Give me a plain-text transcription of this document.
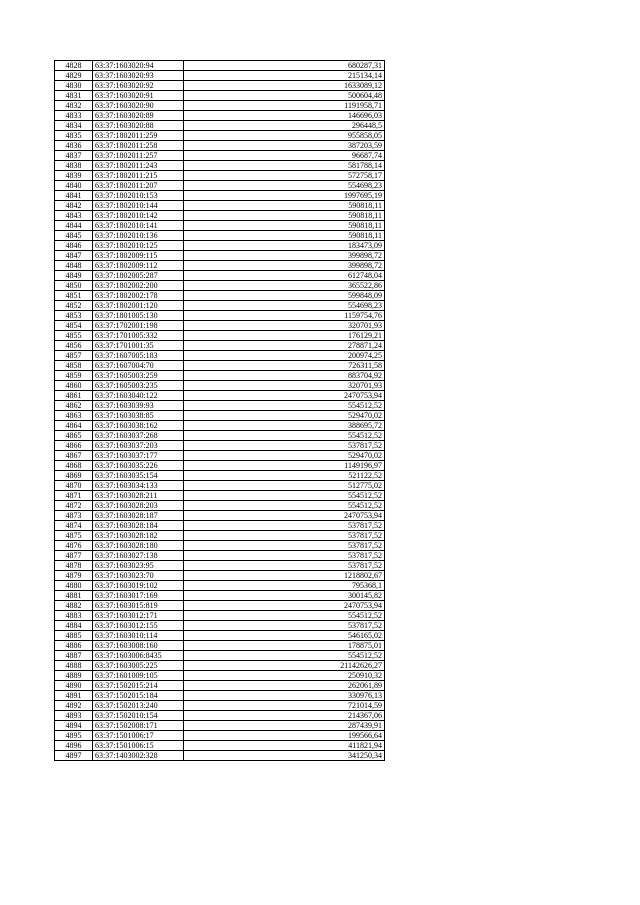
4828	63:37:1603020:94	680287,31
4829	63:37:1603020:93	215134,14
4830	63:37:1603020:92	1633089,12
4831	63:37:1603020:91	500604,48
4832	63:37:1603020:90	1191958,71
4833	63:37:1603020:89	146696,03
4834	63:37:1603020:88	296448,5
4835	63:37:1802011:259	955858,05
4836	63:37:1802011:258	387203,59
4837	63:37:1802011:257	96687,74
4838	63:37:1802011:243	581788,14
4839	63:37:1802011:215	572758,17
4840	63:37:1802011:207	554698,23
4841	63:37:1802010:153	1997695,19
4842	63:37:1802010:144	590818,11
4843	63:37:1802010:142	590818,11
4844	63:37:1802010:141	590818,11
4845	63:37:1802010:136	590818,11
4846	63:37:1802010:125	183473,09
4847	63:37:1802009:115	399898,72
4848	63:37:1802009:112	399898,72
4849	63:37:1802005:287	612748,04
4850	63:37:1802002:200	365522,86
4851	63:37:1802002:178	599848,09
4852	63:37:1802001:120	554698,23
4853	63:37:1801005:130	1159754,76
4854	63:37:1702001:198	320701,93
4855	63:37:1701005:332	176129,21
4856	63:37:1701001:35	278871,24
4857	63:37:1607005:183	200974,25
4858	63:37:1607004:70	726311,58
4859	63:37:1605003:259	883704,92
4860	63:37:1605003:235	320701,93
4861	63:37:1603040:122	2470753,94
4862	63:37:1603039:93	554512,52
4863	63:37:1603038:85	529470,02
4864	63:37:1603038:162	388695,72
4865	63:37:1603037:268	554512,52
4866	63:37:1603037:203	537817,52
4867	63:37:1603037:177	529470,02
4868	63:37:1603035:226	1149196,97
4869	63:37:1603035:154	521122,52
4870	63:37:1603034:133	512775,02
4871	63:37:1603028:211	554512,52
4872	63:37:1603028:203	554512,52
4873	63:37:1603028:187	2470753,94
4874	63:37:1603028:184	537817,52
4875	63:37:1603028:182	537817,52
4876	63:37:1603028:180	537817,52
4877	63:37:1603027:138	537817,52
4878	63:37:1603023:95	537817,52
4879	63:37:1603023:70	1218802,67
4880	63:37:1603019:102	795368,1
4881	63:37:1603017:169	300145,82
4882	63:37:1603015:819	2470753,94
4883	63:37:1603012:171	554512,52
4884	63:37:1603012:155	537817,52
4885	63:37:1603010:114	546165,02
4886	63:37:1603008:160	178875,01
4887	63:37:1603006:8435	554512,52
4888	63:37:1603005:225	21142626,27
4889	63:37:1601009:105	250910,32
4890	63:37:1502015:214	262061,89
4891	63:37:1502015:184	330976,13
4892	63:37:1502013:240	721014,59
4893	63:37:1502010:154	214367,06
4894	63:37:1502008:171	287439,91
4895	63:37:1501006:17	199566,64
4896	63:37:1501006:15	411821,94
4897	63:37:1403002:328	341250,34
